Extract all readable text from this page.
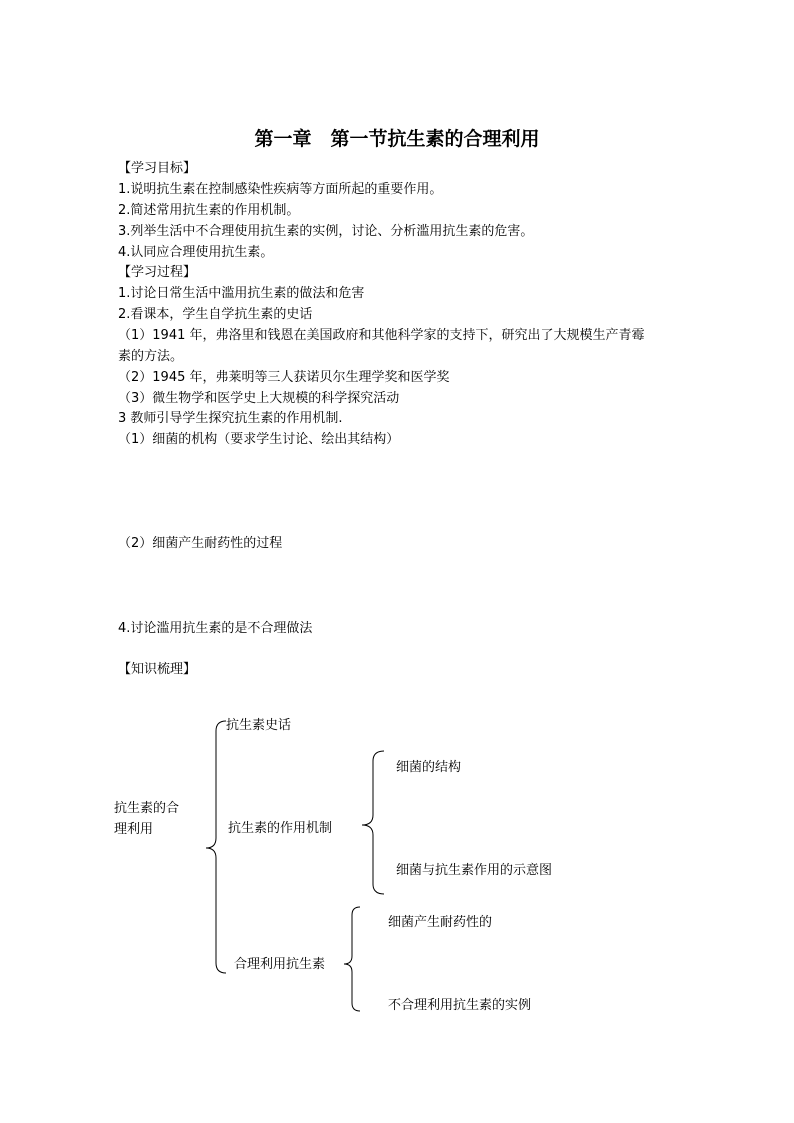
第一章　第一节抗生素的合理利用
【学习目标】
1.说明抗生素在控制感染性疾病等方面所起的重要作用。
2.简述常用抗生素的作用机制。
3.列举生活中不合理使用抗生素的实例，讨论、分析滥用抗生素的危害。
4.认同应合理使用抗生素。
【学习过程】
1.讨论日常生活中滥用抗生素的做法和危害
2.看课本，学生自学抗生素的史话
（1）1941 年，弗洛里和钱恩在美国政府和其他科学家的支持下，研究出了大规模生产青霉
素的方法。
（2）1945 年，弗莱明等三人获诺贝尔生理学奖和医学奖
（3）微生物学和医学史上大规模的科学探究活动
3 教师引导学生探究抗生素的作用机制.
（1）细菌的机构（要求学生讨论、绘出其结构）
（2）细菌产生耐药性的过程
4.讨论滥用抗生素的是不合理做法
【知识梳理】
抗生素的合
理利用
抗生素史话
抗生素的作用机制
合理利用抗生素
细菌的结构
细菌与抗生素作用的示意图
细菌产生耐药性的
不合理利用抗生素的实例
